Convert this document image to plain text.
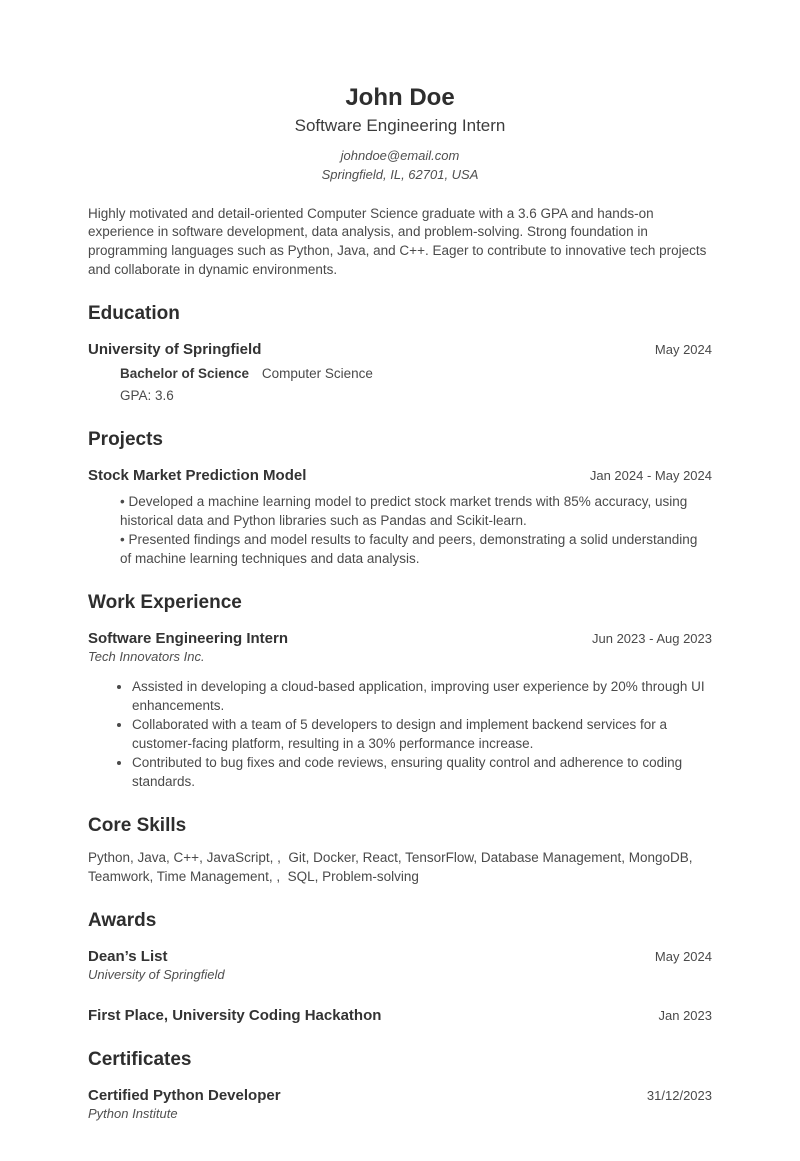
John Doe
Software Engineering Intern
johndoe@email.com
Springfield, IL, 62701, USA

Highly motivated and detail-oriented Computer Science graduate with a 3.6 GPA and hands-on experience in software development, data analysis, and problem-solving. Strong foundation in programming languages such as Python, Java, and C++. Eager to contribute to innovative tech projects and collaborate in dynamic environments.

Education
University of Springfield	May 2024
Bachelor of Science Computer Science
GPA: 3.6
Projects
Stock Market Prediction Model	Jan 2024 - May 2024

• Developed a machine learning model to predict stock market trends with 85% accuracy, using historical data and Python libraries such as Pandas and Scikit-learn.

• Presented findings and model results to faculty and peers, demonstrating a solid understanding of machine learning techniques and data analysis.

Work Experience
Software Engineering Intern	Jun 2023 - Aug 2023
Tech Innovators Inc.
• Assisted in developing a cloud-based application, improving user experience by 20% through UI enhancements.
• Collaborated with a team of 5 developers to design and implement backend services for a customer-facing platform, resulting in a 30% performance increase.
• Contributed to bug fixes and code reviews, ensuring quality control and adherence to coding standards.
Core Skills

Python, Java, C++, JavaScript, ,  Git, Docker, React, TensorFlow, Database Management, MongoDB, Teamwork, Time Management, ,  SQL, Problem-solving

Awards
Dean’s List	May 2024
University of Springfield
First Place, University Coding Hackathon	Jan 2023
Certificates
Certified Python Developer	31/12/2023
Python Institute
